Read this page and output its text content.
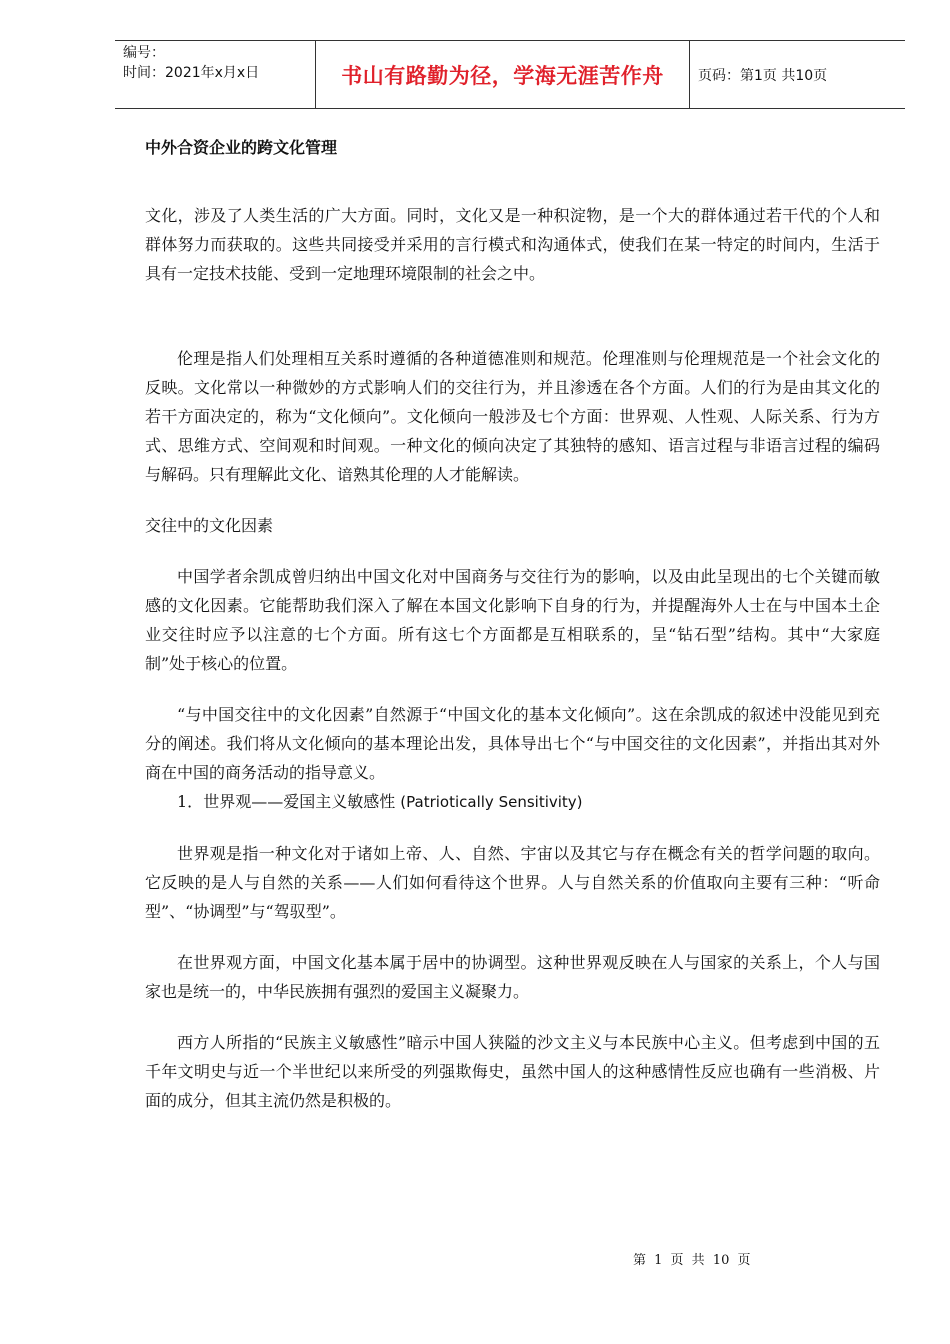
编号：
时间：2021年x月x日	书山有路勤为径，学海无涯苦作舟	页码：第1页 共10页

中外合资企业的跨文化管理

文化，涉及了人类生活的广大方面。同时，文化又是一种积淀物，是一个大的群体通过若干代的个人和群体努力而获取的。这些共同接受并采用的言行模式和沟通体式，使我们在某一特定的时间内，生活于具有一定技术技能、受到一定地理环境限制的社会之中。

伦理是指人们处理相互关系时遵循的各种道德准则和规范。伦理准则与伦理规范是一个社会文化的反映。文化常以一种微妙的方式影响人们的交往行为，并且渗透在各个方面。人们的行为是由其文化的若干方面决定的，称为“文化倾向”。文化倾向一般涉及七个方面：世界观、人性观、人际关系、行为方式、思维方式、空间观和时间观。一种文化的倾向决定了其独特的感知、语言过程与非语言过程的编码与解码。只有理解此文化、谙熟其伦理的人才能解读。

交往中的文化因素

中国学者余凯成曾归纳出中国文化对中国商务与交往行为的影响，以及由此呈现出的七个关键而敏感的文化因素。它能帮助我们深入了解在本国文化影响下自身的行为，并提醒海外人士在与中国本土企业交往时应予以注意的七个方面。所有这七个方面都是互相联系的，呈“钻石型”结构。其中“大家庭制”处于核心的位置。

“与中国交往中的文化因素”自然源于“中国文化的基本文化倾向”。这在余凯成的叙述中没能见到充分的阐述。我们将从文化倾向的基本理论出发，具体导出七个“与中国交往的文化因素”，并指出其对外商在中国的商务活动的指导意义。

1．世界观——爱国主义敏感性 (Patriotically Sensitivity)

世界观是指一种文化对于诸如上帝、人、自然、宇宙以及其它与存在概念有关的哲学问题的取向。它反映的是人与自然的关系——人们如何看待这个世界。人与自然关系的价值取向主要有三种：“听命型”、“协调型”与“驾驭型”。

在世界观方面，中国文化基本属于居中的协调型。这种世界观反映在人与国家的关系上，个人与国家也是统一的，中华民族拥有强烈的爱国主义凝聚力。

西方人所指的“民族主义敏感性”暗示中国人狭隘的沙文主义与本民族中心主义。但考虑到中国的五千年文明史与近一个半世纪以来所受的列强欺侮史，虽然中国人的这种感情性反应也确有一些消极、片面的成分，但其主流仍然是积极的。

第 1 页 共 10 页
